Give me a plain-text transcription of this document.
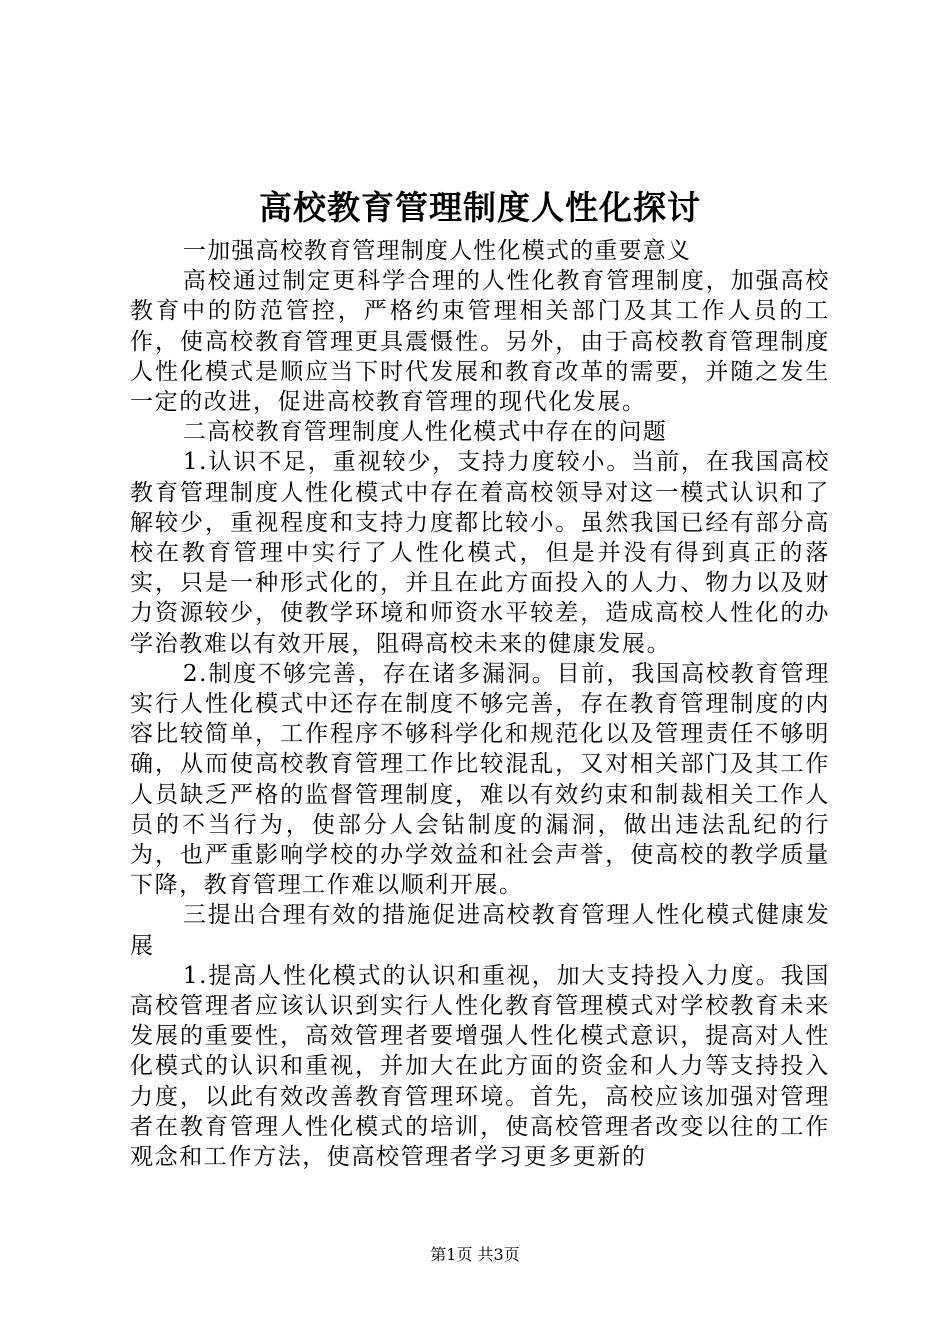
高校教育管理制度人性化探讨

一加强高校教育管理制度人性化模式的重要意义

高校通过制定更科学合理的人性化教育管理制度，加强高校教育中的防范管控，严格约束管理相关部门及其工作人员的工作，使高校教育管理更具震慑性。另外，由于高校教育管理制度人性化模式是顺应当下时代发展和教育改革的需要，并随之发生一定的改进，促进高校教育管理的现代化发展。

二高校教育管理制度人性化模式中存在的问题

1.认识不足，重视较少，支持力度较小。当前，在我国高校教育管理制度人性化模式中存在着高校领导对这一模式认识和了解较少，重视程度和支持力度都比较小。虽然我国已经有部分高校在教育管理中实行了人性化模式，但是并没有得到真正的落实，只是一种形式化的，并且在此方面投入的人力、物力以及财力资源较少，使教学环境和师资水平较差，造成高校人性化的办学治教难以有效开展，阻碍高校未来的健康发展。

2.制度不够完善，存在诸多漏洞。目前，我国高校教育管理实行人性化模式中还存在制度不够完善，存在教育管理制度的内容比较简单，工作程序不够科学化和规范化以及管理责任不够明确，从而使高校教育管理工作比较混乱，又对相关部门及其工作人员缺乏严格的监督管理制度，难以有效约束和制裁相关工作人员的不当行为，使部分人会钻制度的漏洞，做出违法乱纪的行为，也严重影响学校的办学效益和社会声誉，使高校的教学质量下降，教育管理工作难以顺利开展。

三提出合理有效的措施促进高校教育管理人性化模式健康发展

1.提高人性化模式的认识和重视，加大支持投入力度。我国高校管理者应该认识到实行人性化教育管理模式对学校教育未来发展的重要性，高效管理者要增强人性化模式意识，提高对人性化模式的认识和重视，并加大在此方面的资金和人力等支持投入力度，以此有效改善教育管理环境。首先，高校应该加强对管理者在教育管理人性化模式的培训，使高校管理者改变以往的工作观念和工作方法，使高校管理者学习更多更新的

第1页 共3页
